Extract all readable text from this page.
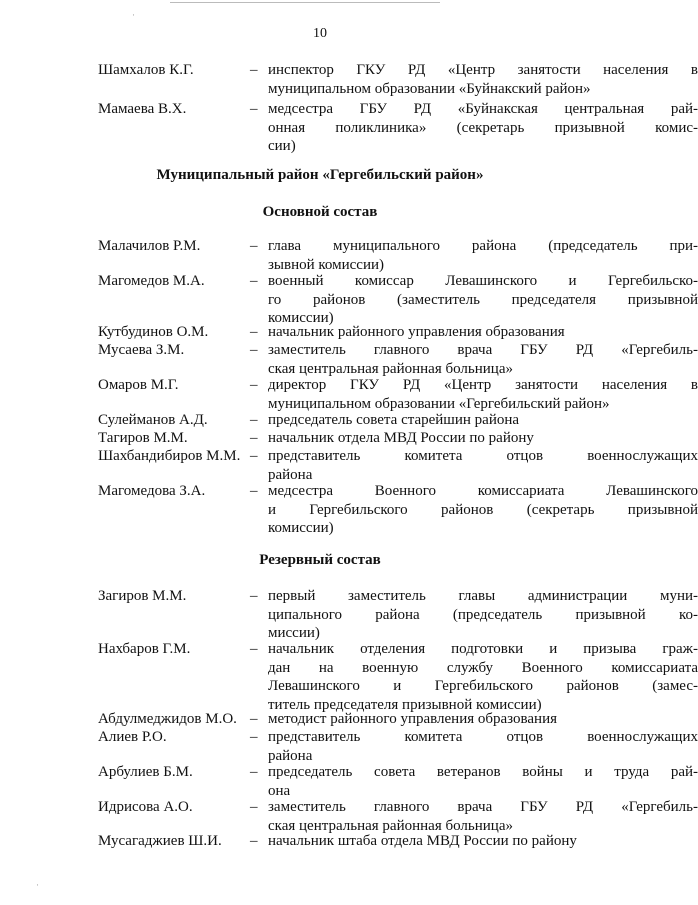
10
·
Шамхалов К.Г.	– инспектор ГКУ РД «Центр занятости населения в
муниципальном образовании «Буйнакский район»
Мамаева В.Х.	– медсестра ГБУ РД «Буйнакская центральная рай-
онная поликлиника» (секретарь призывной комис-
сии)
Муниципальный район «Гергебильский район»
Основной состав
Малачилов Р.М.	– глава муниципального района (председатель при-
зывной комиссии)
Магомедов М.А.	– военный комиссар Левашинского и Гергебильско-
го районов (заместитель председателя призывной
комиссии)
Кутбудинов О.М.	– начальник районного управления образования
Мусаева З.М.	– заместитель главного врача ГБУ РД «Гергебиль-
ская центральная районная больница»
Омаров М.Г.	– директор ГКУ РД «Центр занятости населения в
муниципальном образовании «Гергебильский район»
Сулейманов А.Д.	– председатель совета старейшин района
Тагиров М.М.	– начальник отдела МВД России по району
Шахбандибиров М.М. – представитель комитета отцов военнослужащих
района
Магомедова З.А.	– медсестра Военного комиссариата Левашинского
и Гергебильского районов (секретарь призывной
комиссии)
Резервный состав
Загиров М.М.	– первый заместитель главы администрации муни-
ципального района (председатель призывной ко-
миссии)
Нахбаров Г.М.	– начальник отделения подготовки и призыва граж-
дан на военную службу Военного комиссариата
Левашинского и Гергебильского районов (замес-
титель председателя призывной комиссии)
Абдулмеджидов М.О. – методист районного управления образования
Алиев Р.О.	– представитель комитета отцов военнослужащих
района
Арбулиев Б.М.	– председатель совета ветеранов войны и труда рай-
она
Идрисова А.О.	– заместитель главного врача ГБУ РД «Гергебиль-
ская центральная районная больница»
Мусагаджиев Ш.И. – начальник штаба отдела МВД России по району
·
